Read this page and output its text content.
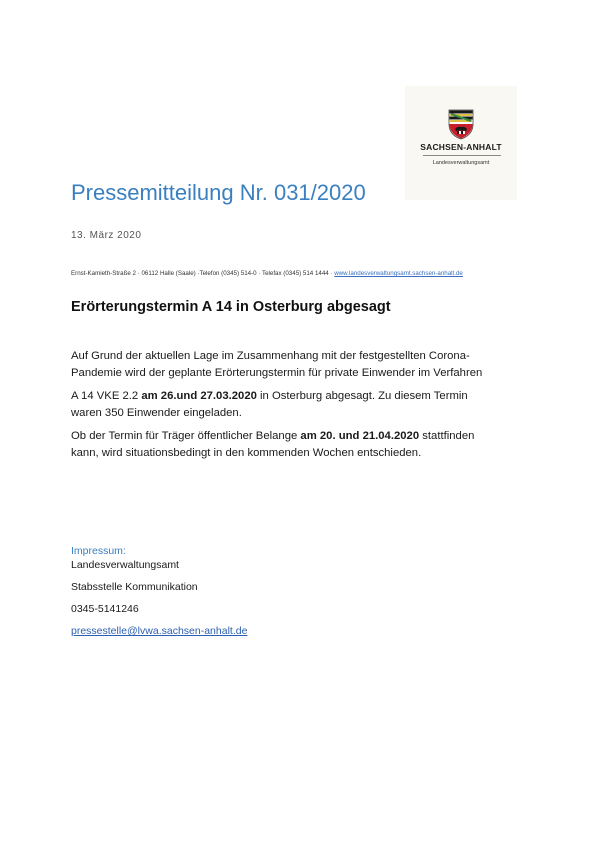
SACHSEN-ANHALT
Landesverwaltungsamt
Pressemitteilung Nr. 031/2020
13. März 2020
Ernst-Kamieth-Straße 2 · 06112 Halle (Saale) ·Telefon (0345) 514-0 · Telefax (0345) 514 1444 · www.landesverwaltungsamt.sachsen-anhalt.de
Erörterungstermin A 14 in Osterburg abgesagt
Auf Grund der aktuellen Lage im Zusammenhang mit der festgestellten Corona-
Pandemie wird der geplante Erörterungstermin für private Einwender im Verfahren
A 14 VKE 2.2 am 26.und 27.03.2020 in Osterburg abgesagt. Zu diesem Termin
waren 350 Einwender eingeladen.
Ob der Termin für Träger öffentlicher Belange am 20. und 21.04.2020 stattfinden
kann, wird situationsbedingt in den kommenden Wochen entschieden.
Impressum:
Landesverwaltungsamt
Stabsstelle Kommunikation
0345-5141246
pressestelle@lvwa.sachsen-anhalt.de
